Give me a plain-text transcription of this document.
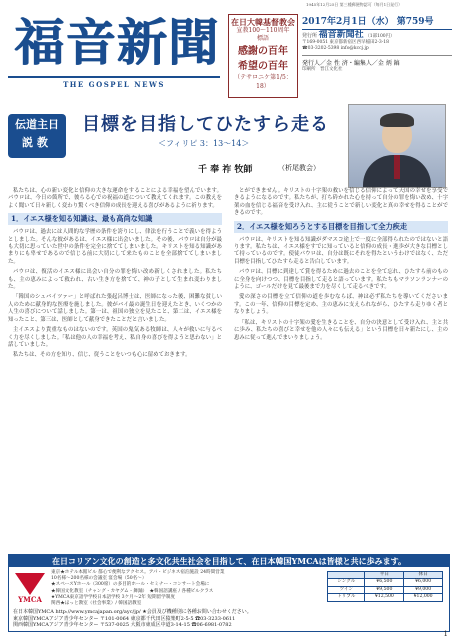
1945年12月25日 第三種郵便物認可（毎月1日発行）
福 音 新 聞
THE GOSPEL NEWS
在日大韓基督教会
宣教100〜110周年
標語
感謝の百年
希望の百年
（テサロニケ第1/5：18）
2017年2月1日（水） 第759号
発行所 福音新聞社 （1部100円）
〒169-0051 東京都新宿区西早稲田2-3-18
☎03-3202-5398 info@kccj.jp
発行人／金 性 済・編集人／金 炳 鎬
印刷所　晋江文化社
伝道主日
説教
目標を目指してひたすら走る
＜フィリピ 3：13〜14＞
千 奉 祚 牧師	（析尾教会）

私たちは、心の新い変化と信仰の大きな運命をすることによる幸福を望んでいます。パウロは、今日の箇所で、彼らる心での祝福の道について教えてくれます。この教えをよく聞いて日々新しく変わり驚くべき信仰の成長を迎える喜びがあるように祈ります。

1．イエス様を知る知識は、最も高尚な知識

パウロは、過去には人間的な学歴の条件を誇りにし、律法を行うことで義いを得ようとしました。そんな彼があるは、イエス様に出会いました。その後、パウロは自分が最も大切に思っていた世中の条件を完全に捨ててしまいました。キリストを知る知識があまりにも卑せであるので信じる前に大切にして来たものことを全部捨ててしまいました。

パウロは、復活のイエス様に出会い自分の罪を悔い改め新しくされました。私たちも、主の恵みによって救われ、古い生き方を捨てて、神の子として生まれ変わりました。

「韓国のシュバイツァー」と呼ばれた張起呂博士は、医師になった後、困難な貧しい人のために献身的な医療を施しました。彼がバイ最の誕生日を迎えたとき、いくつかの人生の喜びについて話しました。第一は、祖国の独立を見たこと、第二は、イエス様を知ったこと、第三は、医師として献身できたことだと言いました。

主イエスより貴重なものはないのです。英国の鬼気ある牧師は、人々が救いに与るべく力を尽くしました。「私は他の人の幸福を考え、私自身の喜びを得ようと思わない」と話していました。

私たちは、その方を知り、信じ、従うことをいつも心に留めておきます。

とができません。キリストの十字架の救いを信じる信仰によって天国の幸せを享受できるようになるのです。私たちが、打ち砕かれた心を持って自分の罪を悔い改め、十字架の血を信じる福音を受け入れ、主に従うことで新しい変化と真の幸せを得ることができるのです。

2．イエス様を知ろうとする目標を目指して全力疾走

パウロは、キリストを知る知識がダマスコ途上で一度に全部得られたのではないと語ります。私たちは、イエス様をすでに知っていると信仰の成長・進歩が大きな目標として持っているのです。使徒パウロは、自分は既にそれを得たというわけではなく、ただ目標を目指してひたすら走ると告白しています。

パウロは、目標に到達して賞を得るために過去のことを全て忘れ、ひたすら前のものに全身を向けつつ、目標を目指して走ると語っています。私たちもマラソンランナーのように、ゴールだけを見て最後まで力を尽くして走るべきです。

愛の深さの目標を立て信仰の道を歩むならば、神は必ず私たちを導いてくださいます。この一年、信仰の目標を定め、主の恵みに支えられながら、ひたすら走りゆく者となりましょう。

「私は、キリストの十字架の愛を生きることを、自分の決意として受け入れ、主と共に歩み、私たちの喜びと幸せを他の人々にも伝える」という目標を日々新たにし、主の恵みに従って進んでまいりましょう。

在日コリアン文化の創造と多文化共生社会を目指して、在日本韓国YMCAは皆様と共に歩みます。
YMCA
東京★ホテル本館ビル 都心で便利なアクセス。アパ・ビジネス宿泊施設 24時間営業
10名様〜200名様の会議室 宴会場（50名〜）
★スペースYホール（300席）の多目的ホール・セミナー・コンサート会場に
★韓国文化教室（チャング・カヤグム・舞踊）　★韓国語講座 / 各種ビルクラス
★YMCA東京語学学校日本語学校 3ケ月〜2年 短期留学制度
関西★ほっと教室（社会事業）/ 韓国語教室
	平日	休日
シングル	¥6,500	¥6,000
ツイン	¥9,500	¥9,000
トリプル	¥12,500	¥12,000
在日本韓国YMCA http://www.ymcajapan.org/ayc/jp/ ★会員及び機種別に各種お問い合わせください。
東京韓国YMCAアジア青少年センター 〒101-0064 東京都千代田区猿楽町2-5-5 ☎03-3233-0611
関西韓国YMCAアジア青少年センター 〒537-0025 大阪市東成区中道3-14-15 ☎06-6981-0782
1
